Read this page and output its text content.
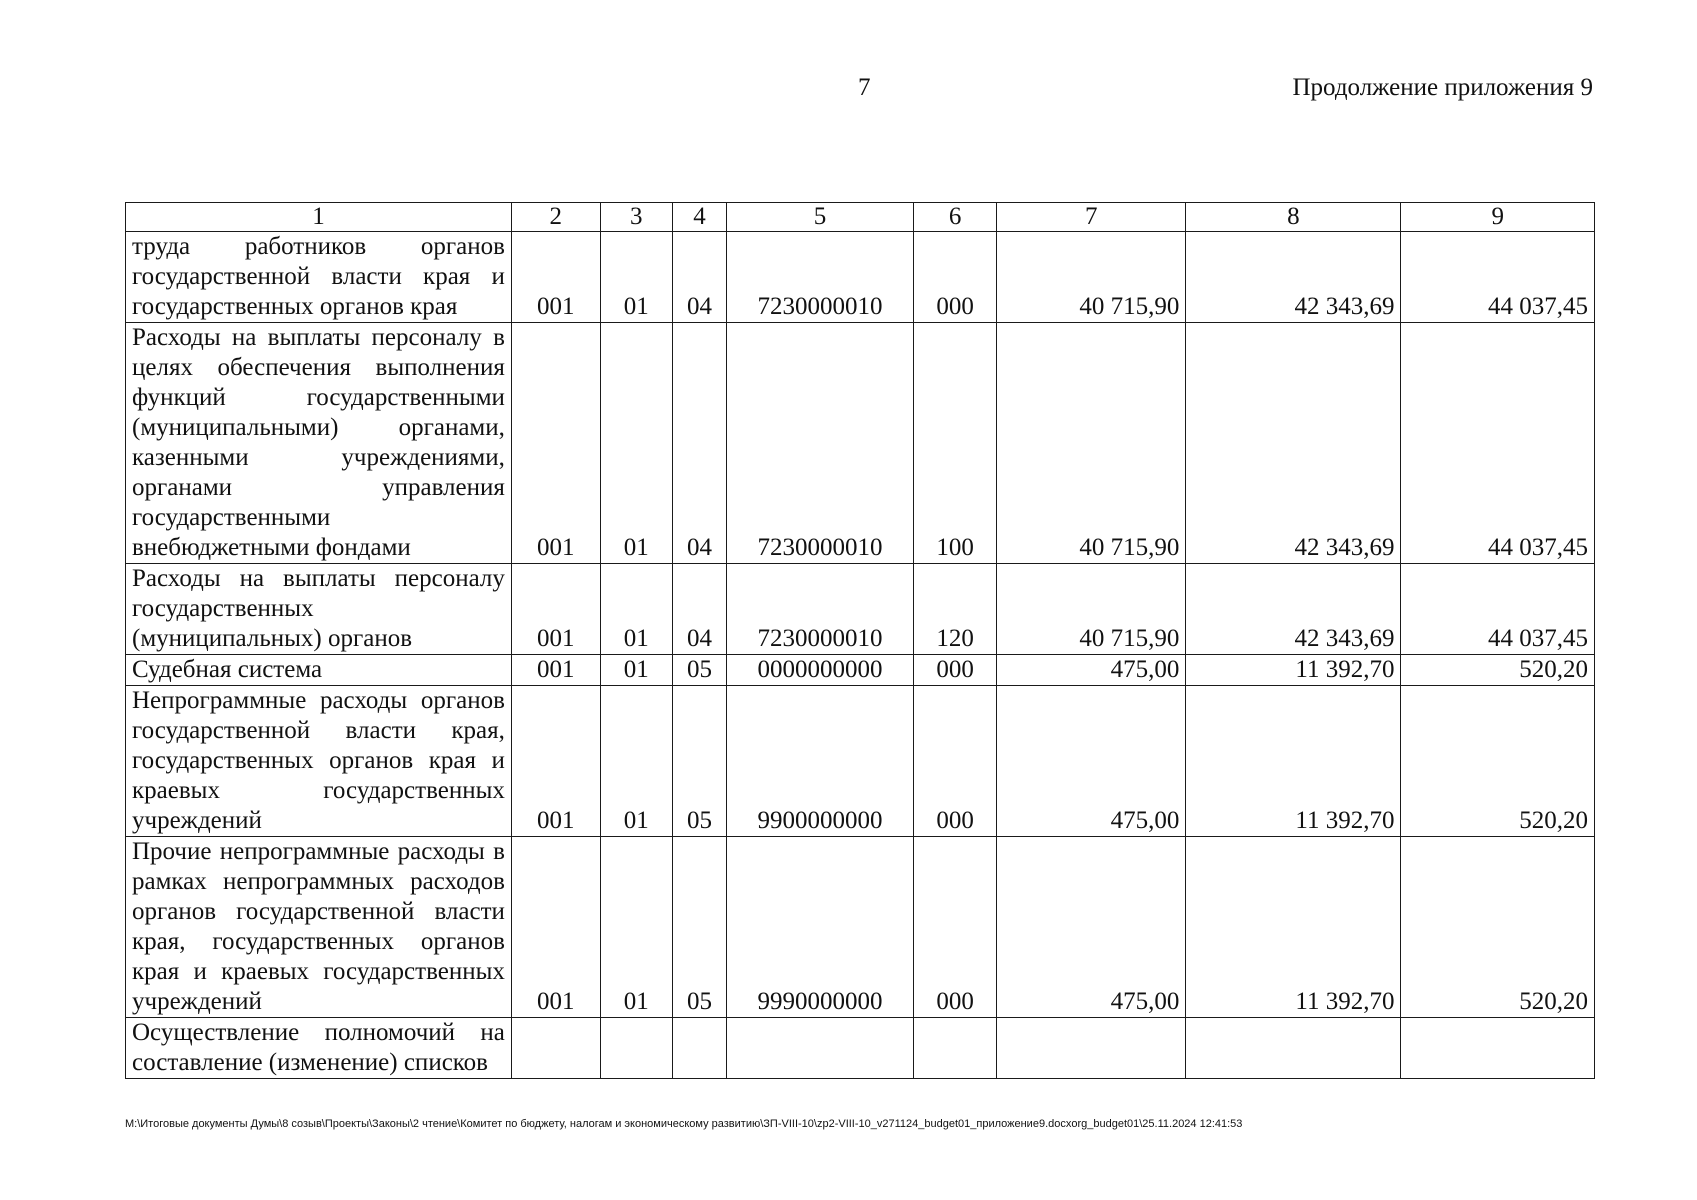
7	Продолжение приложения 9
1	2	3	4	5	6	7	8	9
труда работников органов государственной власти края и государственных органов края	001	01	04	7230000010	000	40 715,90	42 343,69	44 037,45
Расходы на выплаты персоналу в целях обеспечения выполнения функций государственными (муниципальными) органами, казенными учреждениями, органами управления государственными внебюджетными фондами	001	01	04	7230000010	100	40 715,90	42 343,69	44 037,45
Расходы на выплаты персоналу государственных (муниципальных) органов	001	01	04	7230000010	120	40 715,90	42 343,69	44 037,45
Судебная система	001	01	05	0000000000	000	475,00	11 392,70	520,20
Непрограммные расходы органов государственной власти края, государственных органов края и краевых государственных учреждений	001	01	05	9900000000	000	475,00	11 392,70	520,20
Прочие непрограммные расходы в рамках непрограммных расходов органов государственной власти края, государственных органов края и краевых государственных учреждений	001	01	05	9990000000	000	475,00	11 392,70	520,20
Осуществление полномочий на составление (изменение) списков								
M:\Итоговые документы Думы\8 созыв\Проекты\Законы\2 чтение\Комитет по бюджету, налогам и экономическому развитию\ЗП-VIII-10\zp2-VIII-10_v271124_budget01_приложение9.docxorg_budget01\25.11.2024 12:41:53
